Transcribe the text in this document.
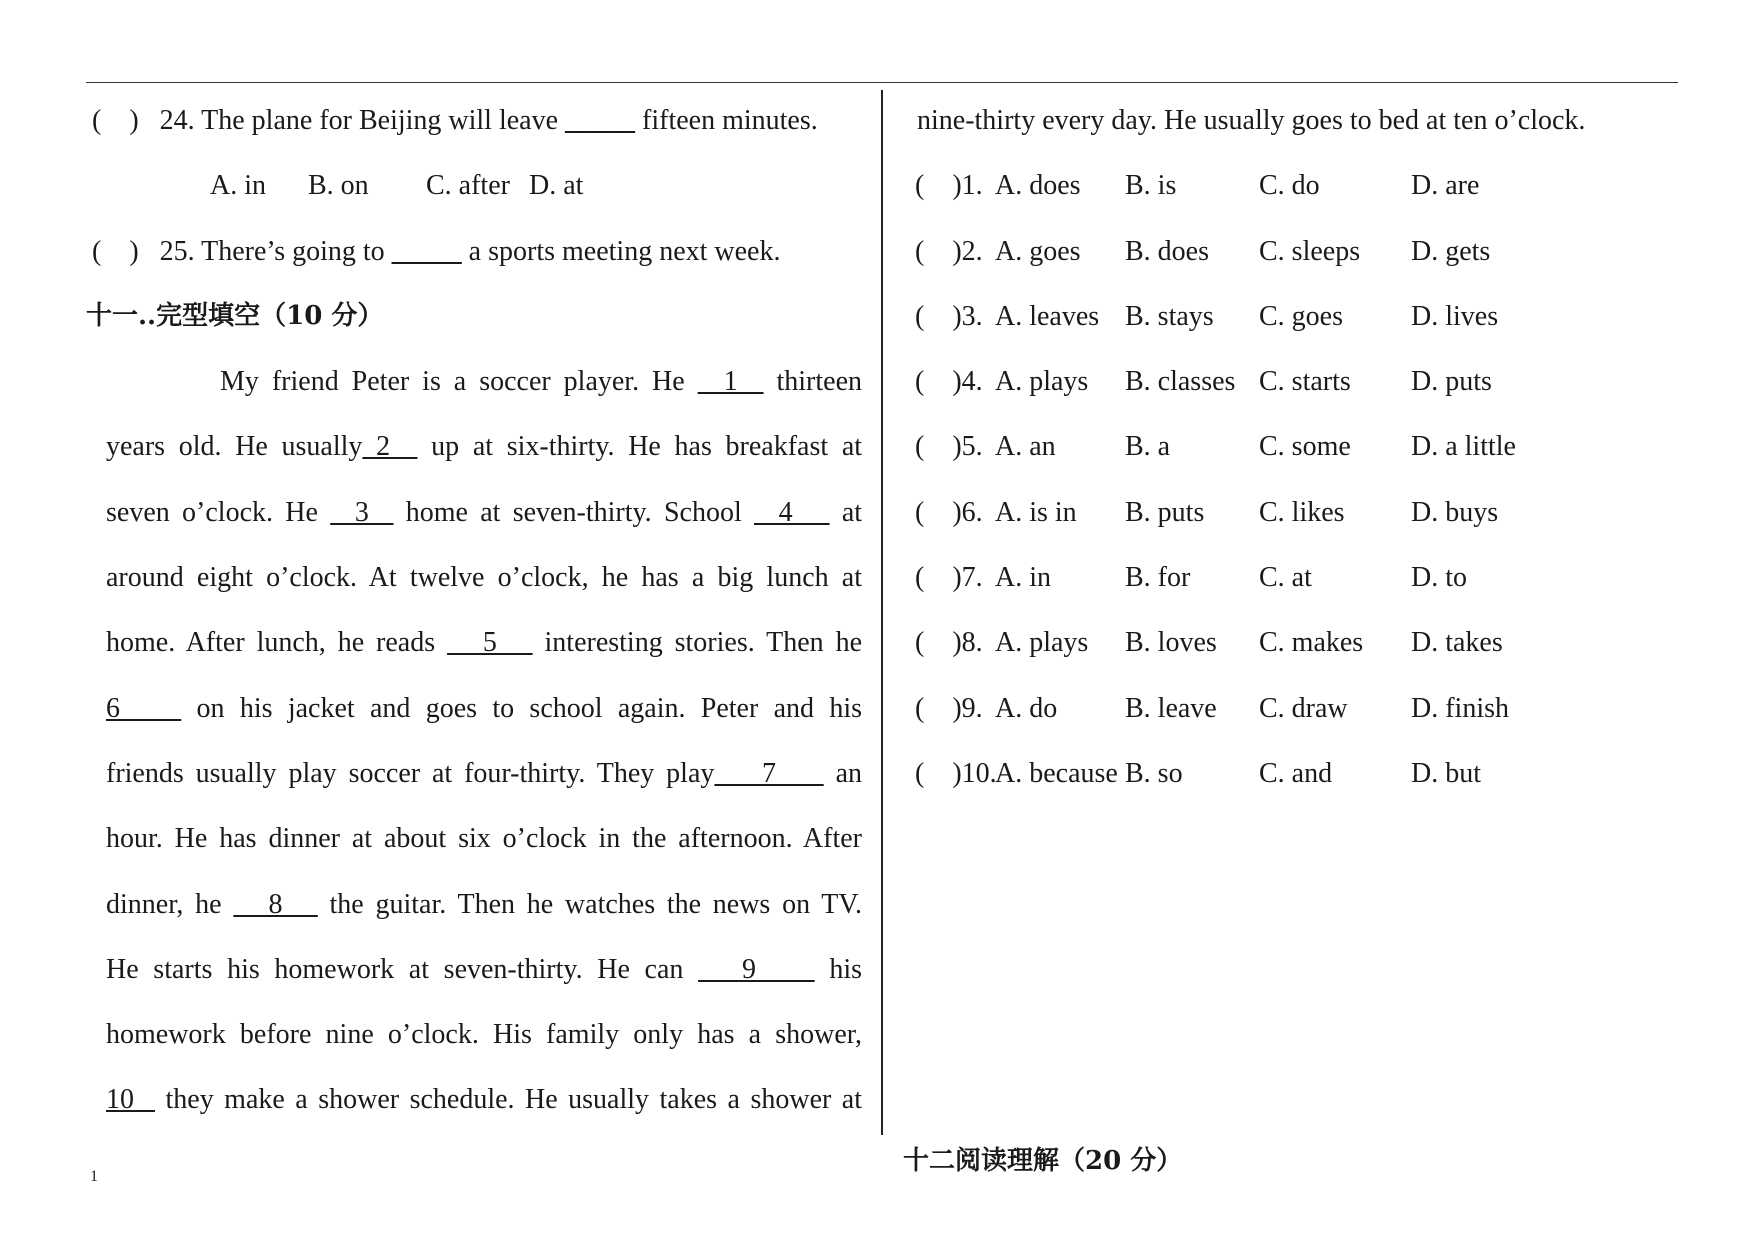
(    ) 24. The plane for Beijing will leave _____ fifteen minutes.
A. in B. on C. after D. at
(    ) 25. There’s going to _____ a sports meeting next week.
十一..完型填空（10 分）
My friend Peter is a soccer player. He   1   thirteen
years old. He usually 2   up at six-thirty. He has breakfast at
seven o’clock. He   3   home at seven-thirty. School   4    at
around eight o’clock. At twelve o’clock, he has a big lunch at
home. After lunch, he reads    5    interesting stories. Then he
6     on his jacket and goes to school again. Peter and his
friends usually play soccer at four-thirty. They play    7     an
hour. He has dinner at about six o’clock in the afternoon. After
dinner, he    8    the guitar. Then he watches the news on TV.
He starts his homework at seven-thirty. He can    9     his
homework before nine o’clock. His family only has a shower,
10   they make a shower schedule. He usually takes a shower at
nine-thirty every day. He usually goes to bed at ten o’clock.
(    )1. A. does B. is	C. do	D. are
(    )2. A. goes B. does C. sleeps D. gets
(    )3. A. leaves B. stays C. goes D. lives
(    )4. A. plays B. classes C. starts D. puts
(    )5. A. an B. a	C. some D. a little
(    )6. A. is in B. puts C. likes D. buys
(    )7. A. in	B. for C. at	D. to
(    )8. A. plays B. loves C. makes D. takes
(    )9. A. do B. leave C. draw D. finish
(    )10.A. because B. so	C. and	D. but
十二阅读理解（20 分）
1
